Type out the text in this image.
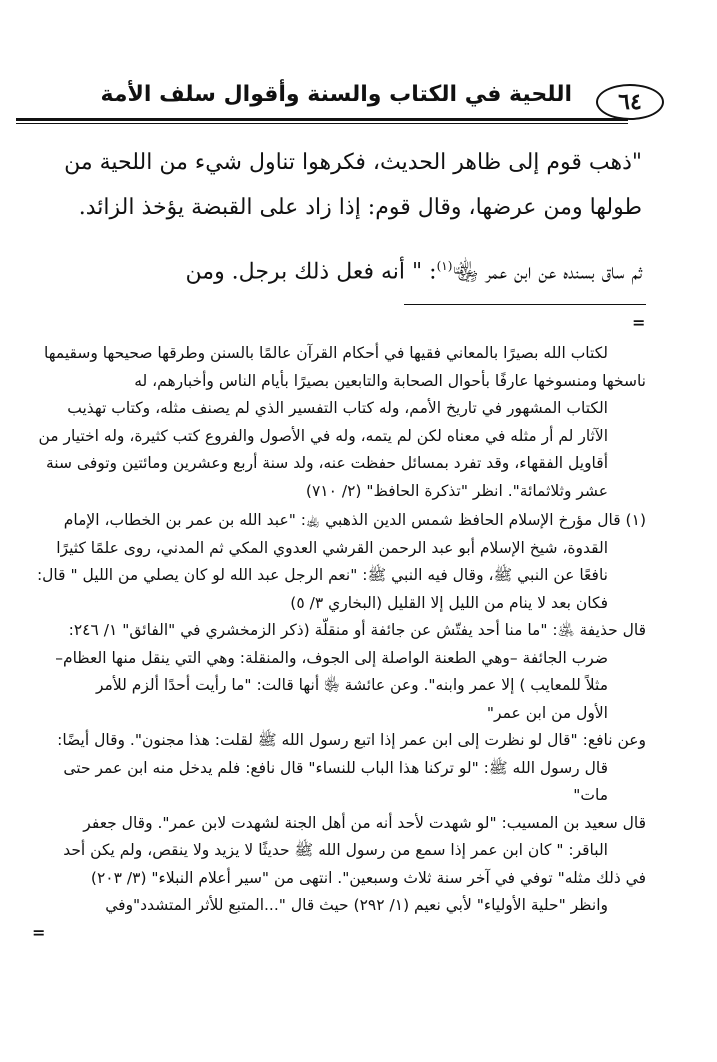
٦٤
اللحية في الكتاب والسنة وأقوال سلف الأمة

"ذهب قوم إلى ظاهر الحديث، فكرهوا تناول شيء من اللحية من

طولها ومن عرضها، وقال قوم: إذا زاد على القبضة يؤخذ الزائد.

ثم ساق بسنده عن ابن عمر ﵄$^{(١)}$: " أنه فعل ذلك برجل. ومن

=

لكتاب الله بصيرًا بالمعاني فقيها في أحكام القرآن عالمًا بالسنن وطرقها صحيحها وسقيمها

ناسخها ومنسوخها عارفًا بأحوال الصحابة والتابعين بصيرًا بأيام الناس وأخبارهم، له

الكتاب المشهور في تاريخ الأمم، وله كتاب التفسير الذي لم يصنف مثله، وكتاب تهذيب

الآثار لم أر مثله في معناه لكن لم يتمه، وله في الأصول والفروع كتب كثيرة، وله اختيار من

أقاويل الفقهاء، وقد تفرد بمسائل حفظت عنه، ولد سنة أربع وعشرين ومائتين وتوفى سنة

عشر وثلاثمائة". انظر "تذكرة الحافظ" (٢/ ٧١٠)

(١) قال مؤرخ الإسلام الحافظ شمس الدين الذهبي ﵀: "عبد الله بن عمر بن الخطاب، الإمام

القدوة، شيخ الإسلام أبو عبد الرحمن القرشي العدوي المكي ثم المدني، روى علمًا كثيرًا

نافعًا عن النبي ﷺ، وقال فيه النبي ﷺ: "نعم الرجل عبد الله لو كان يصلي من الليل " قال:

فكان بعد لا ينام من الليل إلا القليل (البخاري ٣/ ٥)

قال حذيفة ﵁: "ما منا أحد يفتّش عن جائفة أو منقلّة (ذكر الزمخشري في "الفائق" ١/ ٢٤٦:

ضرب الجائفة –وهي الطعنة الواصلة إلى الجوف، والمنقلة: وهي التي ينقل منها العظام–

مثلاً للمعايب ) إلا عمر وابنه". وعن عائشة ﵂ أنها قالت: "ما رأيت أحدًا ألزم للأمر

الأول من ابن عمر"

وعن نافع: "قال لو نظرت إلى ابن عمر إذا اتبع رسول الله ﷺ لقلت: هذا مجنون". وقال أيضًا:

قال رسول الله ﷺ: "لو تركنا هذا الباب للنساء" قال نافع: فلم يدخل منه ابن عمر حتى

مات"

قال سعيد بن المسيب: "لو شهدت لأحد أنه من أهل الجنة لشهدت لابن عمر". وقال جعفر

الباقر: " كان ابن عمر إذا سمع من رسول الله ﷺ حديثًا لا يزيد ولا ينقص، ولم يكن أحد

في ذلك مثله" توفي في آخر سنة ثلاث وسبعين". انتهى من "سير أعلام النبلاء" (٣/ ٢٠٣)

وانظر "حلية الأولياء" لأبي نعيم (١/ ٢٩٢) حيث قال "...المتبع للأثر المتشدد"وفي

=
